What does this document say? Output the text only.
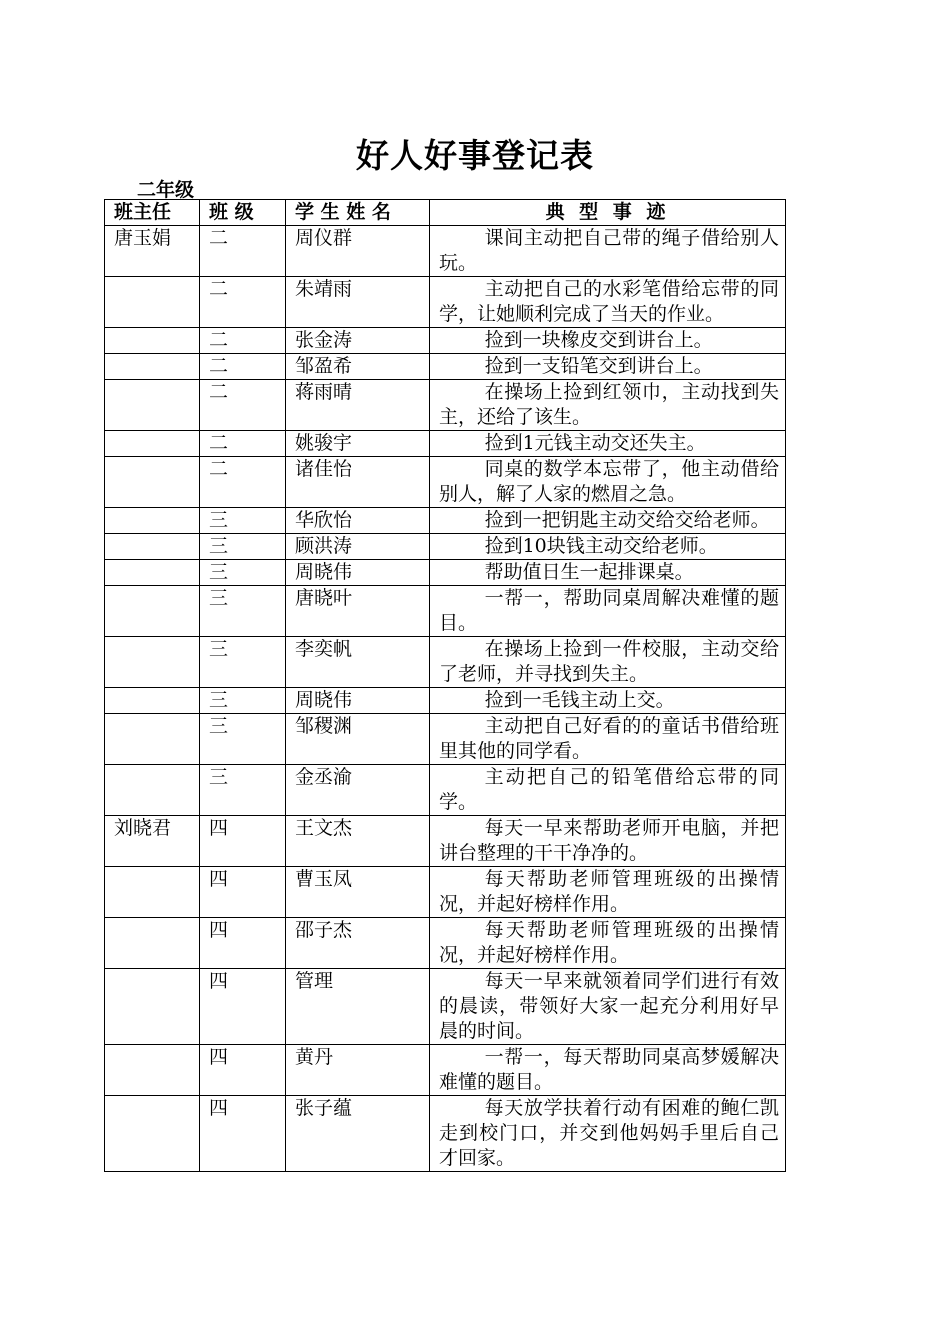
好人好事登记表
二年级
班主任	班 级	学 生 姓 名	典 型 事 迹
唐玉娟	二	周仪群	课间主动把自己带的绳子借给别人玩。
	二	朱靖雨	主动把自己的水彩笔借给忘带的同学，让她顺利完成了当天的作业。
	二	张金涛	捡到一块橡皮交到讲台上。
	二	邹盈希	捡到一支铅笔交到讲台上。
	二	蒋雨晴	在操场上捡到红领巾，主动找到失主，还给了该生。
	二	姚骏宇	捡到1元钱主动交还失主。
	二	诸佳怡	同桌的数学本忘带了，他主动借给别人，解了人家的燃眉之急。
	三	华欣怡	捡到一把钥匙主动交给交给老师。
	三	顾洪涛	捡到10块钱主动交给老师。
	三	周晓伟	帮助值日生一起排课桌。
	三	唐晓叶	一帮一，帮助同桌周解决难懂的题目。
	三	李奕帆	在操场上捡到一件校服，主动交给了老师，并寻找到失主。
	三	周晓伟	捡到一毛钱主动上交。
	三	邹稷渊	主动把自己好看的的童话书借给班里其他的同学看。
	三	金丞渝	主动把自己的铅笔借给忘带的同学。
刘晓君	四	王文杰	每天一早来帮助老师开电脑，并把讲台整理的干干净净的。
	四	曹玉凤	每天帮助老师管理班级的出操情况，并起好榜样作用。
	四	邵子杰	每天帮助老师管理班级的出操情况，并起好榜样作用。
	四	管理	每天一早来就领着同学们进行有效的晨读，带领好大家一起充分利用好早晨的时间。
	四	黄丹	一帮一，每天帮助同桌高梦媛解决难懂的题目。
	四	张子蕴	每天放学扶着行动有困难的鲍仁凯走到校门口，并交到他妈妈手里后自己才回家。
